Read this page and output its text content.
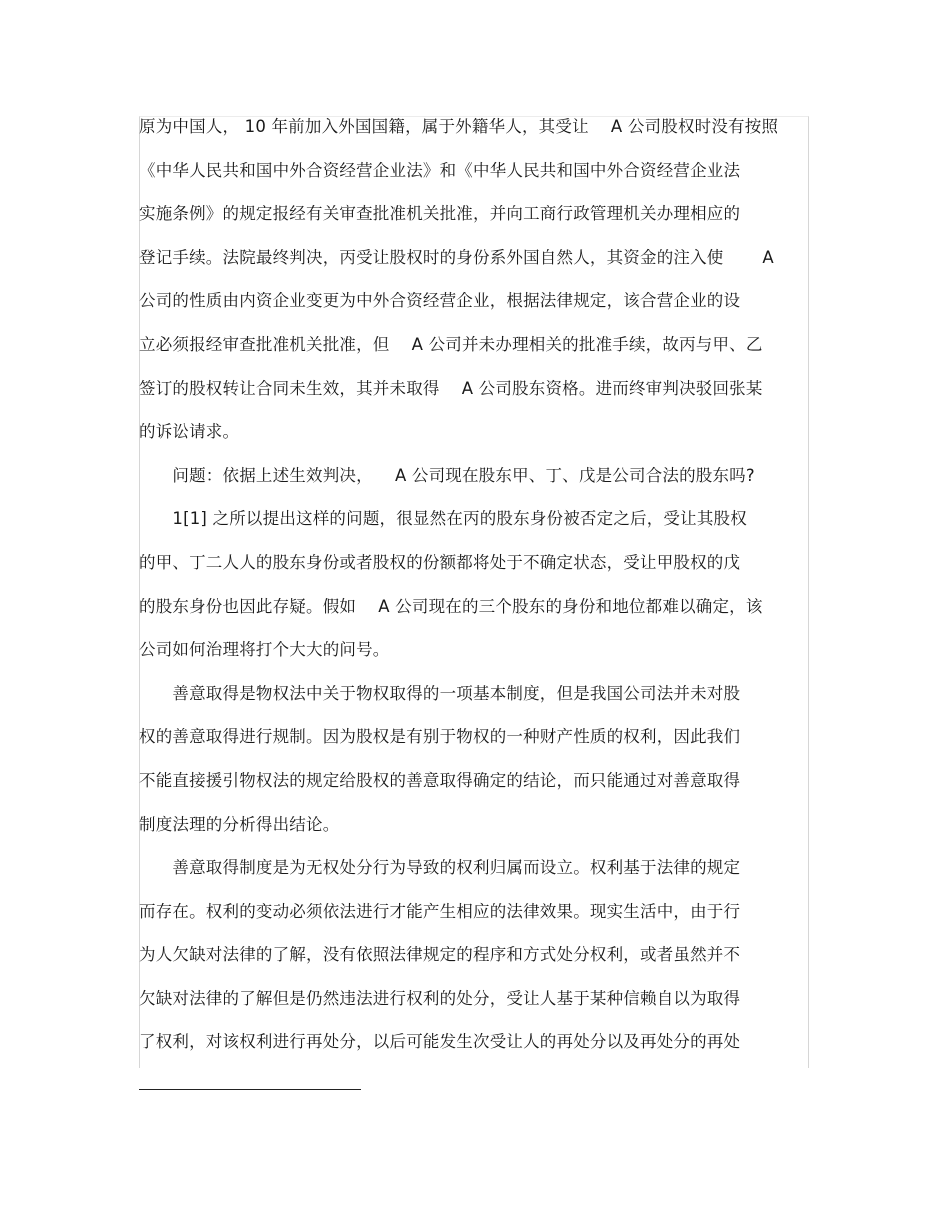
原为中国人， 10 年前加入外国国籍，属于外籍华人，其受让 　A 公司股权时没有按照
《中华人民共和国中外合资经营企业法》和《中华人民共和国中外合资经营企业法
实施条例》的规定报经有关审查批准机关批准，并向工商行政管理机关办理相应的
登记手续。法院最终判决，丙受让股权时的身份系外国自然人，其资金的注入使 　　A
公司的性质由内资企业变更为中外合资经营企业，根据法律规定，该合营企业的设
立必须报经审查批准机关批准，但 　A 公司并未办理相关的批准手续，故丙与甲、乙
签订的股权转让合同未生效，其并未取得 　A 公司股东资格。进而终审判决驳回张某
的诉讼请求。
　　问题：依据上述生效判决， 　A 公司现在股东甲、丁、戊是公司合法的股东吗?
　　1[1] 之所以提出这样的问题，很显然在丙的股东身份被否定之后，受让其股权
的甲、丁二人人的股东身份或者股权的份额都将处于不确定状态，受让甲股权的戊
的股东身份也因此存疑。假如 　A 公司现在的三个股东的身份和地位都难以确定，该
公司如何治理将打个大大的问号。
　　善意取得是物权法中关于物权取得的一项基本制度，但是我国公司法并未对股
权的善意取得进行规制。因为股权是有别于物权的一种财产性质的权利，因此我们
不能直接援引物权法的规定给股权的善意取得确定的结论，而只能通过对善意取得
制度法理的分析得出结论。
　　善意取得制度是为无权处分行为导致的权利归属而设立。权利基于法律的规定
而存在。权利的变动必须依法进行才能产生相应的法律效果。现实生活中，由于行
为人欠缺对法律的了解，没有依照法律规定的程序和方式处分权利，或者虽然并不
欠缺对法律的了解但是仍然违法进行权利的处分，受让人基于某种信赖自以为取得
了权利，对该权利进行再处分，以后可能发生次受让人的再处分以及再处分的再处
